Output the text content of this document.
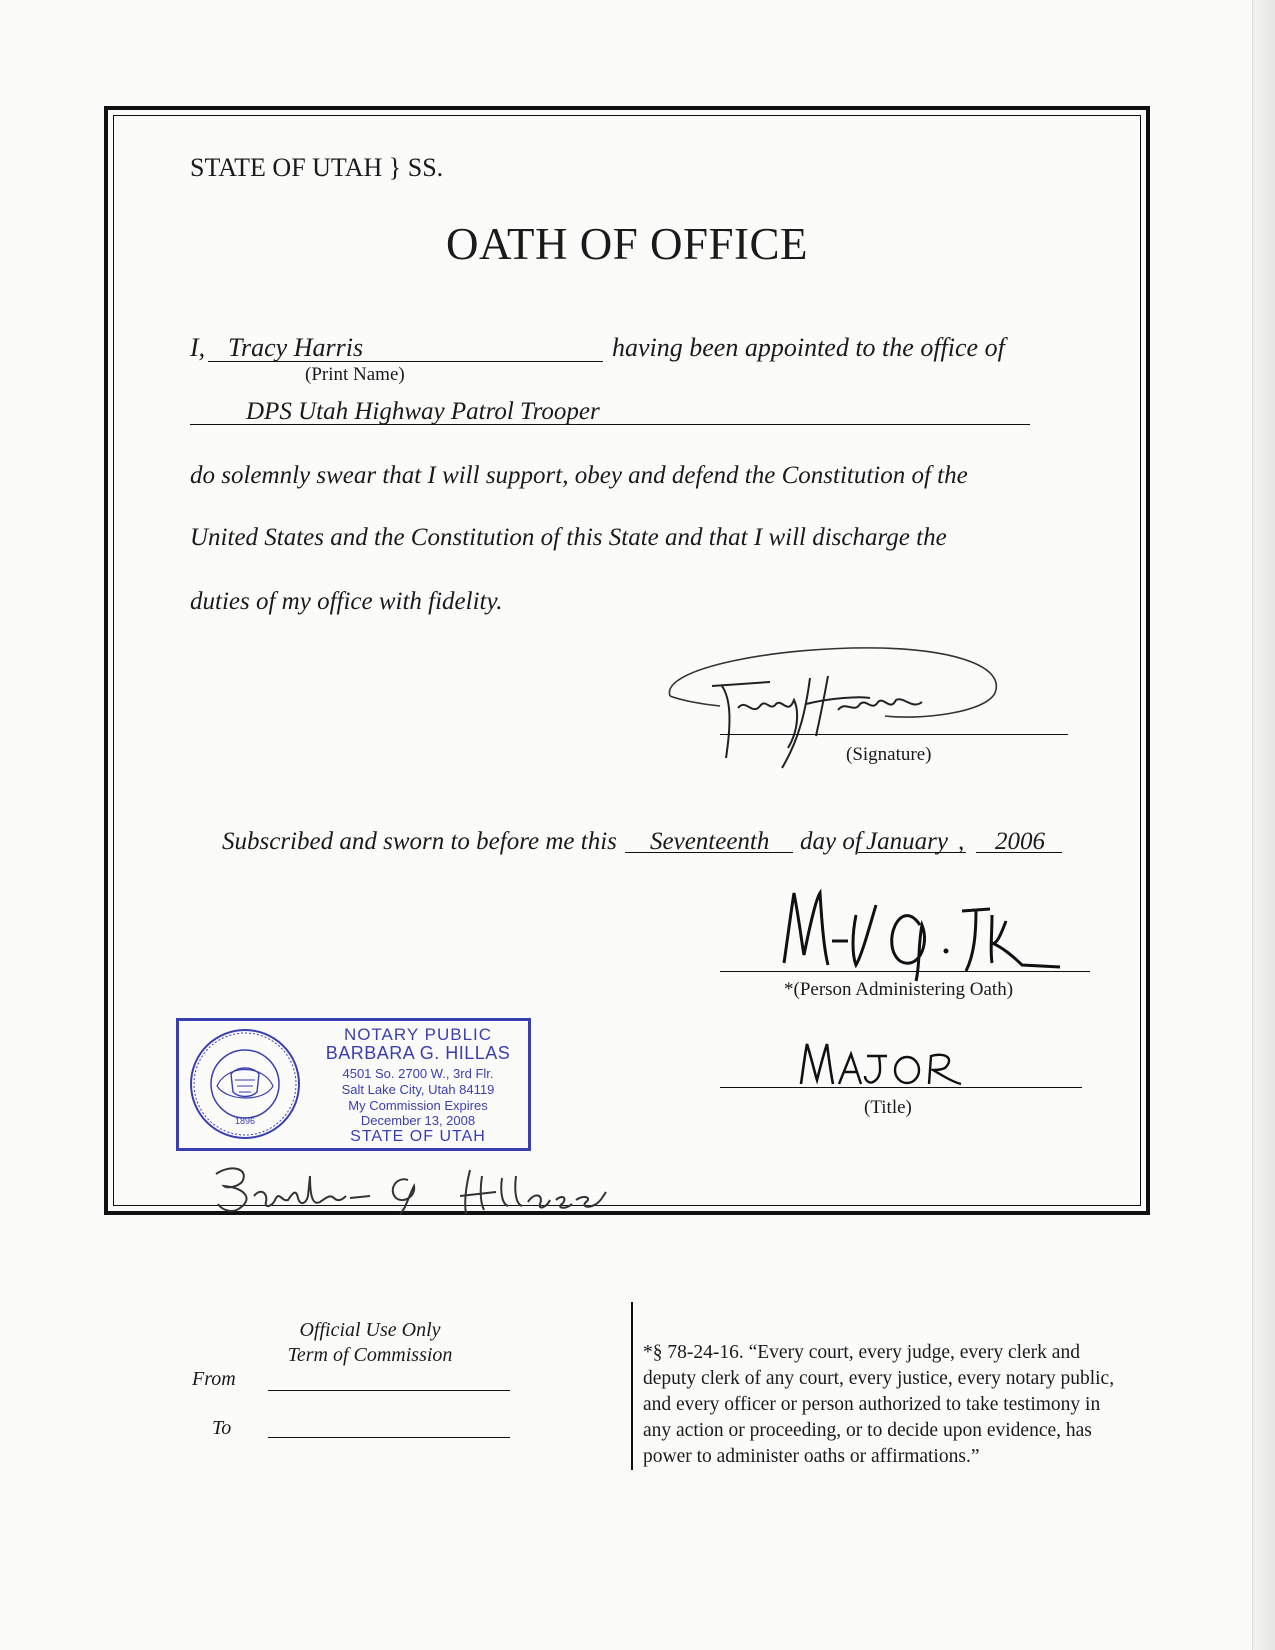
STATE OF UTAH } SS.
OATH OF OFFICE
I, Tracy Harris	having been appointed to the office of
(Print Name)
DPS Utah Highway Patrol Trooper
do solemnly swear that I will support, obey and defend the Constitution of the
United States and the Constitution of this State and that I will discharge the
duties of my office with fidelity.
(Signature)
Subscribed and sworn to before me this Seventeenth day of January , 2006
*(Person Administering Oath)
(Title)
1896
NOTARY PUBLIC
BARBARA G. HILLAS
4501 So. 2700 W., 3rd Flr.
Salt Lake City, Utah 84119
My Commission Expires
December 13, 2008
STATE OF UTAH
Official Use Only
Term of Commission
From
To
*§ 78-24-16. “Every court, every judge, every clerk and deputy clerk of any court, every justice, every notary public, and every officer or person authorized to take testimony in any action or proceeding, or to decide upon evidence, has power to administer oaths or affirmations.”
